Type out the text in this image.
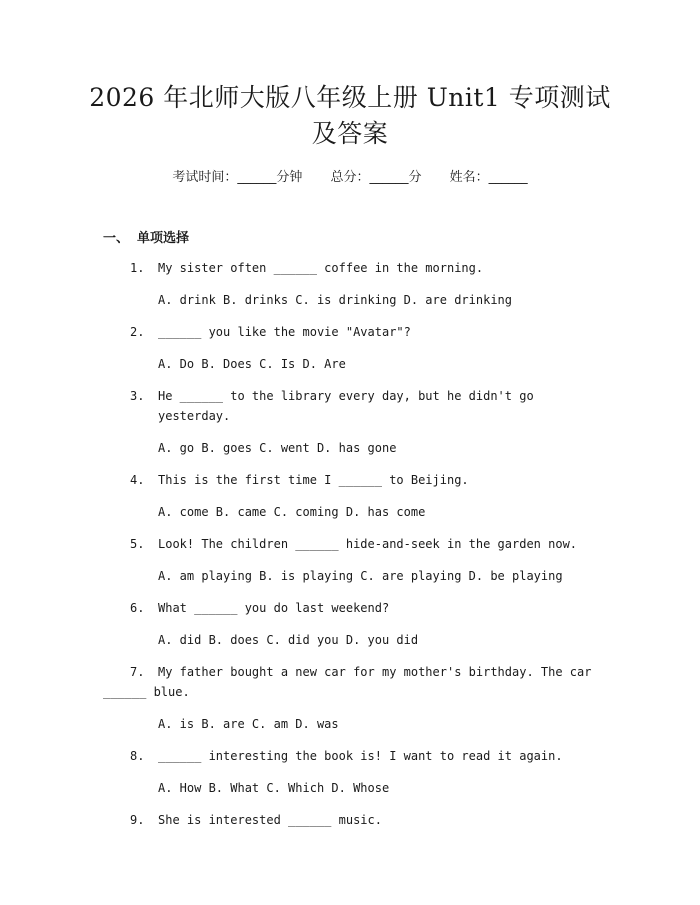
2026 年北师大版八年级上册 Unit1 专项测试
及答案
考试时间：______分钟 总分：______分 姓名：______
一、 单项选择
1. My sister often ______ coffee in the morning.
A. drink B. drinks C. is drinking D. are drinking
2. ______ you like the movie "Avatar"?
A. Do B. Does C. Is D. Are
3. He ______ to the library every day, but he didn't go yesterday.
A. go B. goes C. went D. has gone
4. This is the first time I ______ to Beijing.
A. come B. came C. coming D. has come
5. Look! The children ______ hide-and-seek in the garden now.
A. am playing B. is playing C. are playing D. be playing
6. What ______ you do last weekend?
A. did B. does C. did you D. you did
7. My father bought a new car for my mother's birthday. The car
______ blue.
A. is B. are C. am D. was
8. ______ interesting the book is! I want to read it again.
A. How B. What C. Which D. Whose
9. She is interested ______ music.
